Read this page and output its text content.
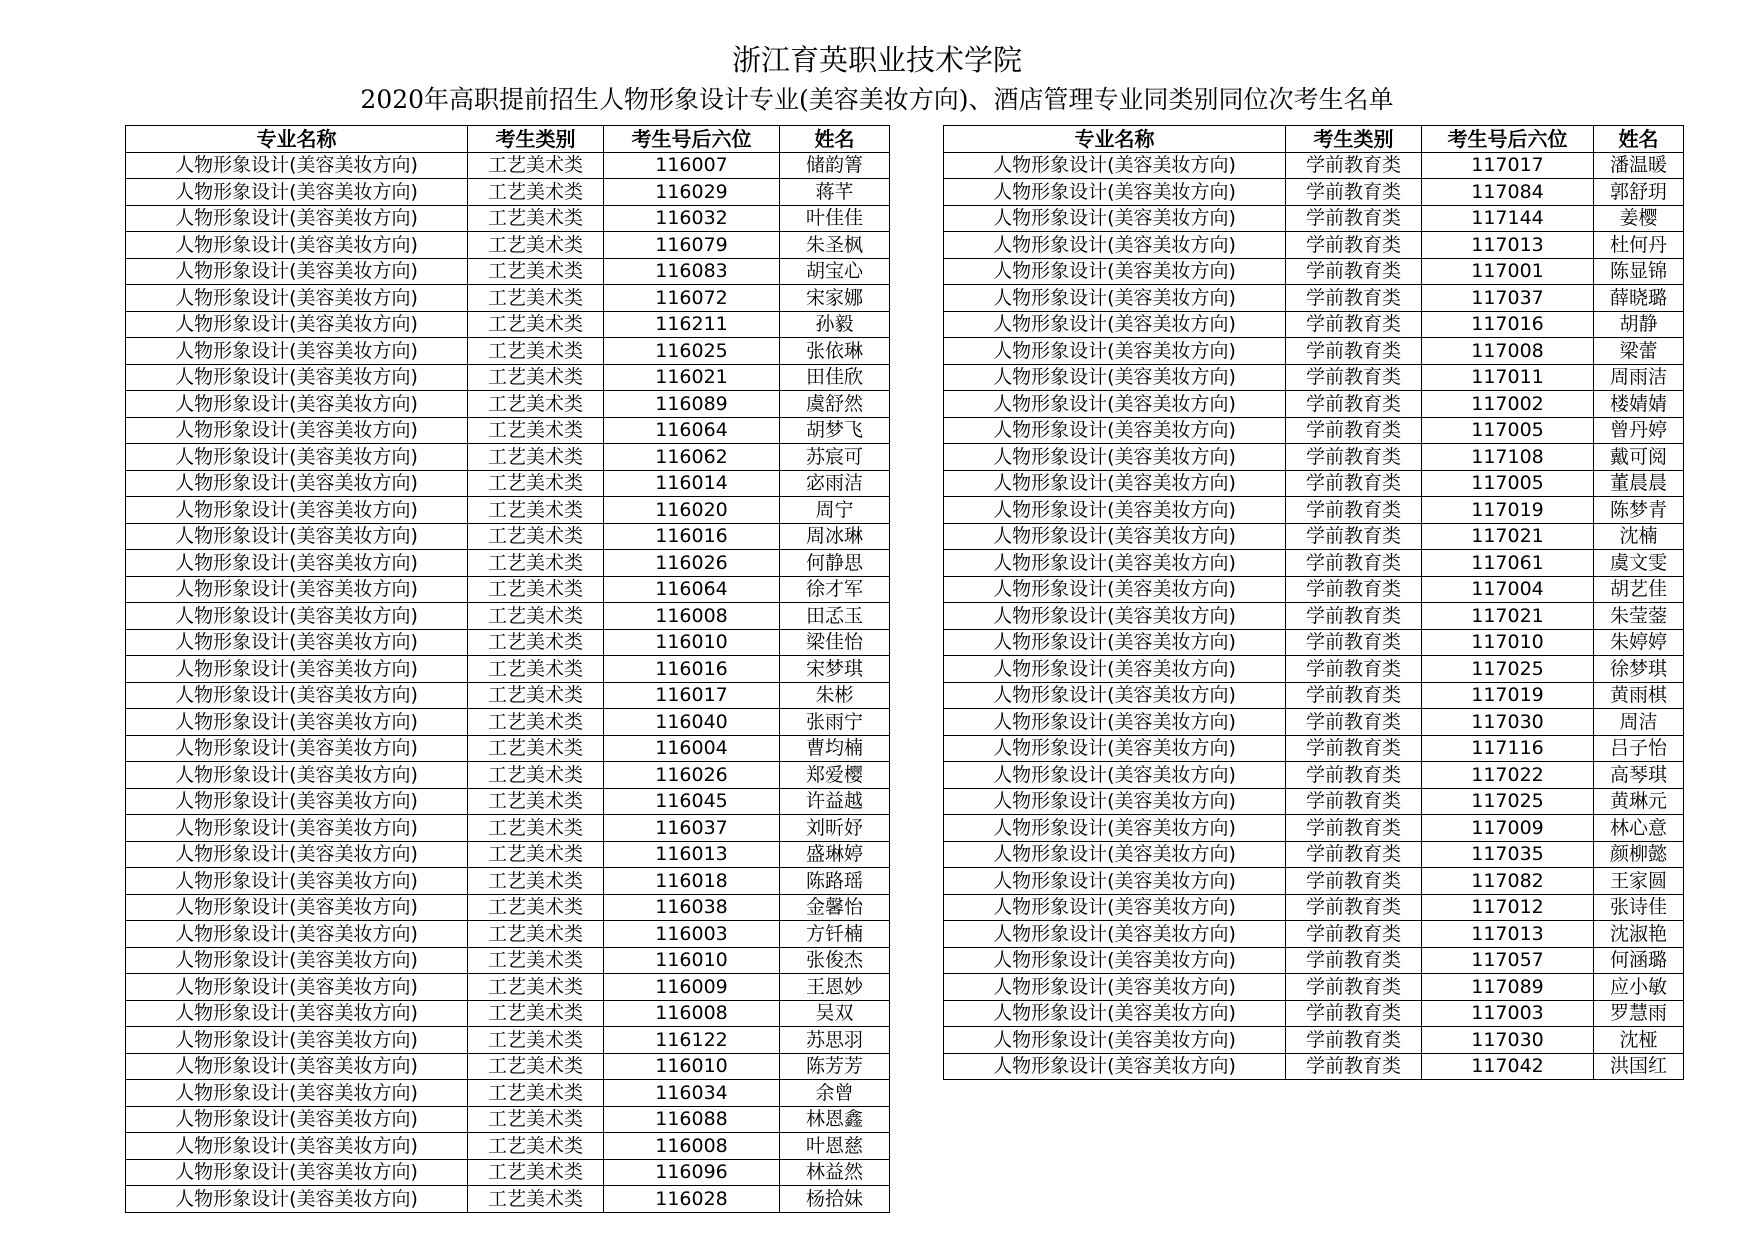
浙江育英职业技术学院
2020年高职提前招生人物形象设计专业(美容美妆方向)、酒店管理专业同类别同位次考生名单
专业名称	考生类别	考生号后六位	姓名
人物形象设计(美容美妆方向)	工艺美术类	116007	储韵箐
人物形象设计(美容美妆方向)	工艺美术类	116029	蒋芊
人物形象设计(美容美妆方向)	工艺美术类	116032	叶佳佳
人物形象设计(美容美妆方向)	工艺美术类	116079	朱圣枫
人物形象设计(美容美妆方向)	工艺美术类	116083	胡宝心
人物形象设计(美容美妆方向)	工艺美术类	116072	宋家娜
人物形象设计(美容美妆方向)	工艺美术类	116211	孙毅
人物形象设计(美容美妆方向)	工艺美术类	116025	张依琳
人物形象设计(美容美妆方向)	工艺美术类	116021	田佳欣
人物形象设计(美容美妆方向)	工艺美术类	116089	虞舒然
人物形象设计(美容美妆方向)	工艺美术类	116064	胡梦飞
人物形象设计(美容美妆方向)	工艺美术类	116062	苏宸可
人物形象设计(美容美妆方向)	工艺美术类	116014	宓雨洁
人物形象设计(美容美妆方向)	工艺美术类	116020	周宁
人物形象设计(美容美妆方向)	工艺美术类	116016	周冰琳
人物形象设计(美容美妆方向)	工艺美术类	116026	何静思
人物形象设计(美容美妆方向)	工艺美术类	116064	徐才军
人物形象设计(美容美妆方向)	工艺美术类	116008	田孞玉
人物形象设计(美容美妆方向)	工艺美术类	116010	梁佳怡
人物形象设计(美容美妆方向)	工艺美术类	116016	宋梦琪
人物形象设计(美容美妆方向)	工艺美术类	116017	朱彬
人物形象设计(美容美妆方向)	工艺美术类	116040	张雨宁
人物形象设计(美容美妆方向)	工艺美术类	116004	曹均楠
人物形象设计(美容美妆方向)	工艺美术类	116026	郑爱樱
人物形象设计(美容美妆方向)	工艺美术类	116045	许益越
人物形象设计(美容美妆方向)	工艺美术类	116037	刘昕妤
人物形象设计(美容美妆方向)	工艺美术类	116013	盛琳婷
人物形象设计(美容美妆方向)	工艺美术类	116018	陈路瑶
人物形象设计(美容美妆方向)	工艺美术类	116038	金馨怡
人物形象设计(美容美妆方向)	工艺美术类	116003	方钎楠
人物形象设计(美容美妆方向)	工艺美术类	116010	张俊杰
人物形象设计(美容美妆方向)	工艺美术类	116009	王恩妙
人物形象设计(美容美妆方向)	工艺美术类	116008	吴双
人物形象设计(美容美妆方向)	工艺美术类	116122	苏思羽
人物形象设计(美容美妆方向)	工艺美术类	116010	陈芳芳
人物形象设计(美容美妆方向)	工艺美术类	116034	余曾
人物形象设计(美容美妆方向)	工艺美术类	116088	林恩鑫
人物形象设计(美容美妆方向)	工艺美术类	116008	叶恩慈
人物形象设计(美容美妆方向)	工艺美术类	116096	林益然
人物形象设计(美容美妆方向)	工艺美术类	116028	杨拾妹
专业名称	考生类别	考生号后六位	姓名
人物形象设计(美容美妆方向)	学前教育类	117017	潘温暖
人物形象设计(美容美妆方向)	学前教育类	117084	郭舒玥
人物形象设计(美容美妆方向)	学前教育类	117144	姜樱
人物形象设计(美容美妆方向)	学前教育类	117013	杜何丹
人物形象设计(美容美妆方向)	学前教育类	117001	陈显锦
人物形象设计(美容美妆方向)	学前教育类	117037	薛晓璐
人物形象设计(美容美妆方向)	学前教育类	117016	胡静
人物形象设计(美容美妆方向)	学前教育类	117008	梁蕾
人物形象设计(美容美妆方向)	学前教育类	117011	周雨洁
人物形象设计(美容美妆方向)	学前教育类	117002	楼婧婧
人物形象设计(美容美妆方向)	学前教育类	117005	曾丹婷
人物形象设计(美容美妆方向)	学前教育类	117108	戴可阅
人物形象设计(美容美妆方向)	学前教育类	117005	董晨晨
人物形象设计(美容美妆方向)	学前教育类	117019	陈梦青
人物形象设计(美容美妆方向)	学前教育类	117021	沈楠
人物形象设计(美容美妆方向)	学前教育类	117061	虞文雯
人物形象设计(美容美妆方向)	学前教育类	117004	胡艺佳
人物形象设计(美容美妆方向)	学前教育类	117021	朱莹蓥
人物形象设计(美容美妆方向)	学前教育类	117010	朱婷婷
人物形象设计(美容美妆方向)	学前教育类	117025	徐梦琪
人物形象设计(美容美妆方向)	学前教育类	117019	黄雨棋
人物形象设计(美容美妆方向)	学前教育类	117030	周洁
人物形象设计(美容美妆方向)	学前教育类	117116	吕子怡
人物形象设计(美容美妆方向)	学前教育类	117022	高琴琪
人物形象设计(美容美妆方向)	学前教育类	117025	黄琳元
人物形象设计(美容美妆方向)	学前教育类	117009	林心意
人物形象设计(美容美妆方向)	学前教育类	117035	颜柳懿
人物形象设计(美容美妆方向)	学前教育类	117082	王家圆
人物形象设计(美容美妆方向)	学前教育类	117012	张诗佳
人物形象设计(美容美妆方向)	学前教育类	117013	沈淑艳
人物形象设计(美容美妆方向)	学前教育类	117057	何涵璐
人物形象设计(美容美妆方向)	学前教育类	117089	应小敏
人物形象设计(美容美妆方向)	学前教育类	117003	罗慧雨
人物形象设计(美容美妆方向)	学前教育类	117030	沈桠
人物形象设计(美容美妆方向)	学前教育类	117042	洪国红
